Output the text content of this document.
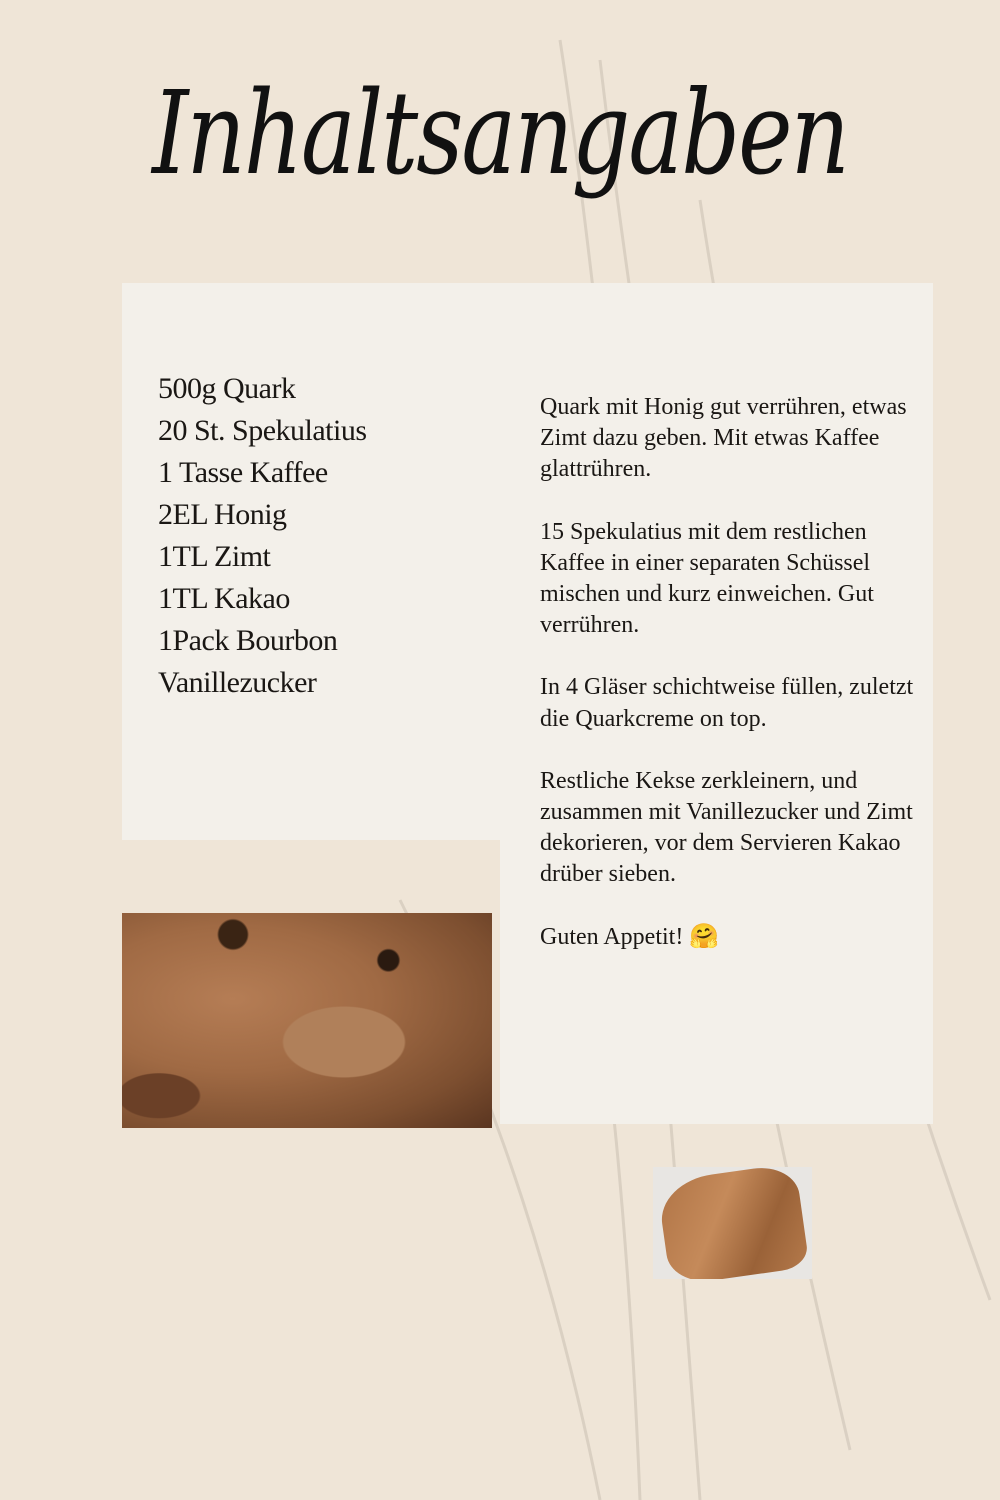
Inhaltsangaben
500g Quark
20 St. Spekulatius
1 Tasse Kaffee
2EL Honig
1TL Zimt
1TL Kakao
1Pack Bourbon
Vanillezucker

Quark mit Honig gut verrühren, etwas Zimt dazu geben. Mit etwas Kaffee glattrühren.

15 Spekulatius mit dem restlichen Kaffee in einer separaten Schüssel mischen und kurz einweichen. Gut verrühren.

In 4 Gläser schichtweise füllen, zuletzt die Quarkcreme on top.

Restliche Kekse zerkleinern, und zusammen mit Vanillezucker und Zimt dekorieren, vor dem Servieren Kakao drüber sieben.

Guten Appetit! 🤗
